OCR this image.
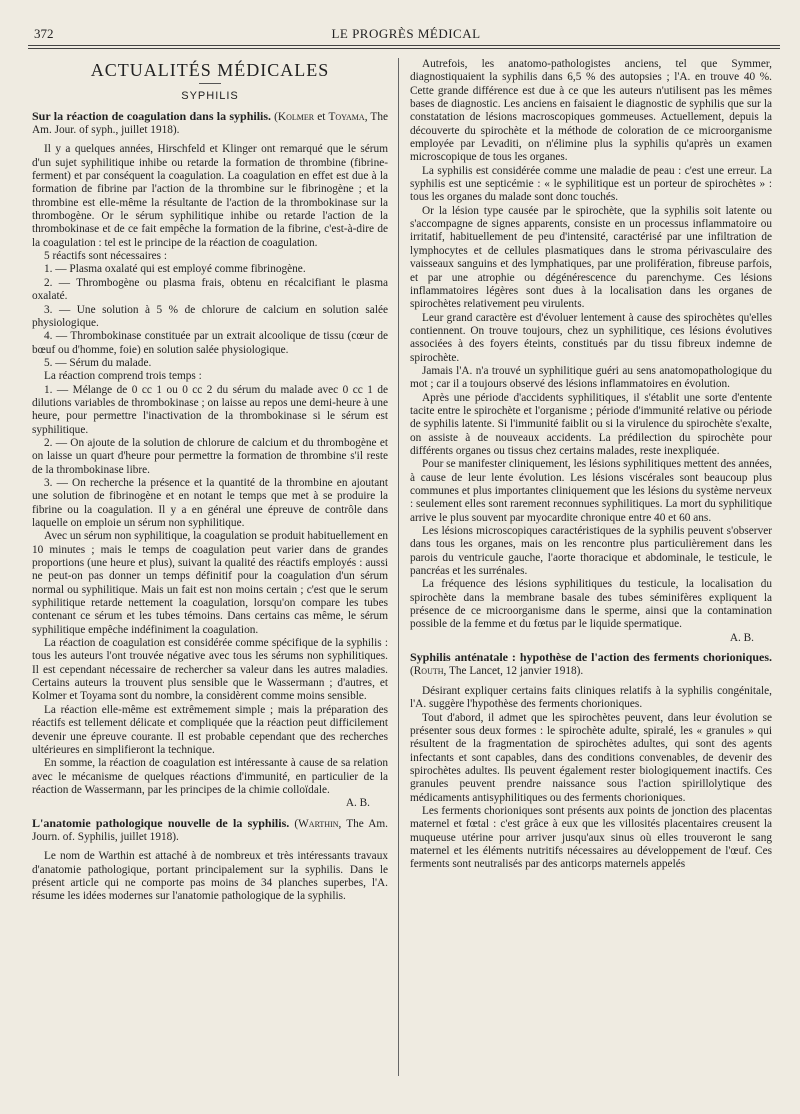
372	LE PROGRÈS MÉDICAL
ACTUALITÉS MÉDICALES
SYPHILIS

Sur la réaction de coagulation dans la syphilis. (Kolmer et Toyama, The Am. Jour. of syph., juillet 1918).

Il y a quelques années, Hirschfeld et Klinger ont remarqué que le sérum d'un sujet syphilitique inhibe ou retarde la formation de thrombine (fibrine-ferment) et par conséquent la coagulation. La coagulation en effet est due à la formation de fibrine par l'action de la thrombine sur le fibrinogène ; et la thrombine est elle-même la résultante de l'action de la thrombokinase sur la thrombogène. Or le sérum syphilitique inhibe ou retarde l'action de la thrombokinase et de ce fait empêche la formation de la fibrine, c'est-à-dire de la coagulation : tel est le principe de la réaction de coagulation.

5 réactifs sont nécessaires :

1. — Plasma oxalaté qui est employé comme fibrinogène.

2. — Thrombogène ou plasma frais, obtenu en récalcifiant le plasma oxalaté.

3. — Une solution à 5 % de chlorure de calcium en solution salée physiologique.

4. — Thrombokinase constituée par un extrait alcoolique de tissu (cœur de bœuf ou d'homme, foie) en solution salée physiologique.

5. — Sérum du malade.

La réaction comprend trois temps :

1. — Mélange de 0 cc 1 ou 0 cc 2 du sérum du malade avec 0 cc 1 de dilutions variables de thrombokinase ; on laisse au repos une demi-heure à une heure, pour permettre l'inactivation de la thrombokinase si le sérum est syphilitique.

2. — On ajoute de la solution de chlorure de calcium et du thrombogène et on laisse un quart d'heure pour permettre la formation de thrombine s'il reste de la thrombokinase libre.

3. — On recherche la présence et la quantité de la thrombine en ajoutant une solution de fibrinogène et en notant le temps que met à se produire la fibrine ou la coagulation. Il y a en général une épreuve de contrôle dans laquelle on emploie un sérum non syphilitique.

Avec un sérum non syphilitique, la coagulation se produit habituellement en 10 minutes ; mais le temps de coagulation peut varier dans de grandes proportions (une heure et plus), suivant la qualité des réactifs employés : aussi ne peut-on pas donner un temps définitif pour la coagulation d'un sérum normal ou syphilitique. Mais un fait est non moins certain ; c'est que le serum syphilitique retarde nettement la coagulation, lorsqu'on compare les tubes contenant ce sérum et les tubes témoins. Dans certains cas même, le sérum syphilitique empêche indéfiniment la coagulation.

La réaction de coagulation est considérée comme spécifique de la syphilis : tous les auteurs l'ont trouvée négative avec tous les sérums non syphilitiques. Il est cependant nécessaire de rechercher sa valeur dans les autres maladies. Certains auteurs la trouvent plus sensible que le Wassermann ; d'autres, et Kolmer et Toyama sont du nombre, la considèrent comme moins sensible.

La réaction elle-même est extrêmement simple ; mais la préparation des réactifs est tellement délicate et compliquée que la réaction peut difficilement devenir une épreuve courante. Il est probable cependant que des recherches ultérieures en simplifieront la technique.

En somme, la réaction de coagulation est intéressante à cause de sa relation avec le mécanisme de quelques réactions d'immunité, en particulier de la réaction de Wassermann, par les principes de la chimie colloïdale.

A. B.

L'anatomie pathologique nouvelle de la syphilis. (Warthin, The Am. Journ. of. Syphilis, juillet 1918).

Le nom de Warthin est attaché à de nombreux et très intéressants travaux d'anatomie pathologique, portant principalement sur la syphilis. Dans le présent article qui ne comporte pas moins de 34 planches superbes, l'A. résume les idées modernes sur l'anatomie pathologique de la syphilis.

Autrefois, les anatomo-pathologistes anciens, tel que Symmer, diagnostiquaient la syphilis dans 6,5 % des autopsies ; l'A. en trouve 40 %. Cette grande différence est due à ce que les auteurs n'utilisent pas les mêmes bases de diagnostic. Les anciens en faisaient le diagnostic de syphilis que sur la constatation de lésions macroscopiques gommeuses. Actuellement, depuis la découverte du spirochète et la méthode de coloration de ce microorganisme employée par Levaditi, on n'élimine plus la syphilis qu'après un examen microscopique de tous les organes.

La syphilis est considérée comme une maladie de peau : c'est une erreur. La syphilis est une septicémie : « le syphilitique est un porteur de spirochètes » : tous les organes du malade sont donc touchés.

Or la lésion type causée par le spirochète, que la syphilis soit latente ou s'accompagne de signes apparents, consiste en un processus inflammatoire ou irritatif, habituellement de peu d'intensité, caractérisé par une infiltration de lymphocytes et de cellules plasmatiques dans le stroma périvasculaire des vaisseaux sanguins et des lymphatiques, par une prolifération, fibreuse parfois, et par une atrophie ou dégénérescence du parenchyme. Ces lésions inflammatoires légères sont dues à la localisation dans les organes de spirochètes relativement peu virulents.

Leur grand caractère est d'évoluer lentement à cause des spirochètes qu'elles contiennent. On trouve toujours, chez un syphilitique, ces lésions évolutives associées à des foyers éteints, constitués par du tissu fibreux indemne de spirochète.

Jamais l'A. n'a trouvé un syphilitique guéri au sens anatomopathologique du mot ; car il a toujours observé des lésions inflammatoires en évolution.

Après une période d'accidents syphilitiques, il s'établit une sorte d'entente tacite entre le spirochète et l'organisme ; période d'immunité relative ou période de syphilis latente. Si l'immunité faiblit ou si la virulence du spirochète s'exalte, on assiste à de nouveaux accidents. La prédilection du spirochète pour différents organes ou tissus chez certains malades, reste inexpliquée.

Pour se manifester cliniquement, les lésions syphilitiques mettent des années, à cause de leur lente évolution. Les lésions viscérales sont beaucoup plus communes et plus importantes cliniquement que les lésions du système nerveux : seulement elles sont rarement reconnues syphilitiques. La mort du syphilitique arrive le plus souvent par myocardite chronique entre 40 et 60 ans.

Les lésions microscopiques caractéristiques de la syphilis peuvent s'observer dans tous les organes, mais on les rencontre plus particulièrement dans les parois du ventricule gauche, l'aorte thoracique et abdominale, le testicule, le pancréas et les surrénales.

La fréquence des lésions syphilitiques du testicule, la localisation du spirochète dans la membrane basale des tubes séminifères expliquent la présence de ce microorganisme dans le sperme, ainsi que la contamination possible de la femme et du fœtus par le liquide spermatique.

A. B.

Syphilis anténatale : hypothèse de l'action des ferments chorioniques. (Routh, The Lancet, 12 janvier 1918).

Désirant expliquer certains faits cliniques relatifs à la syphilis congénitale, l'A. suggère l'hypothèse des ferments chorioniques.

Tout d'abord, il admet que les spirochètes peuvent, dans leur évolution se présenter sous deux formes : le spirochète adulte, spiralé, les « granules » qui résultent de la fragmentation de spirochètes adultes, qui sont des agents infectants et sont capables, dans des conditions convenables, de devenir des spirochètes adultes. Ils peuvent également rester biologiquement inactifs. Ces granules peuvent prendre naissance sous l'action spirillolytique des médicaments antisyphilitiques ou des ferments chorioniques.

Les ferments chorioniques sont présents aux points de jonction des placentas maternel et fœtal : c'est grâce à eux que les villosités placentaires creusent la muqueuse utérine pour arriver jusqu'aux sinus où elles trouveront le sang maternel et les éléments nutritifs nécessaires au développement de l'œuf. Ces ferments sont neutralisés par des anticorps maternels appelés
